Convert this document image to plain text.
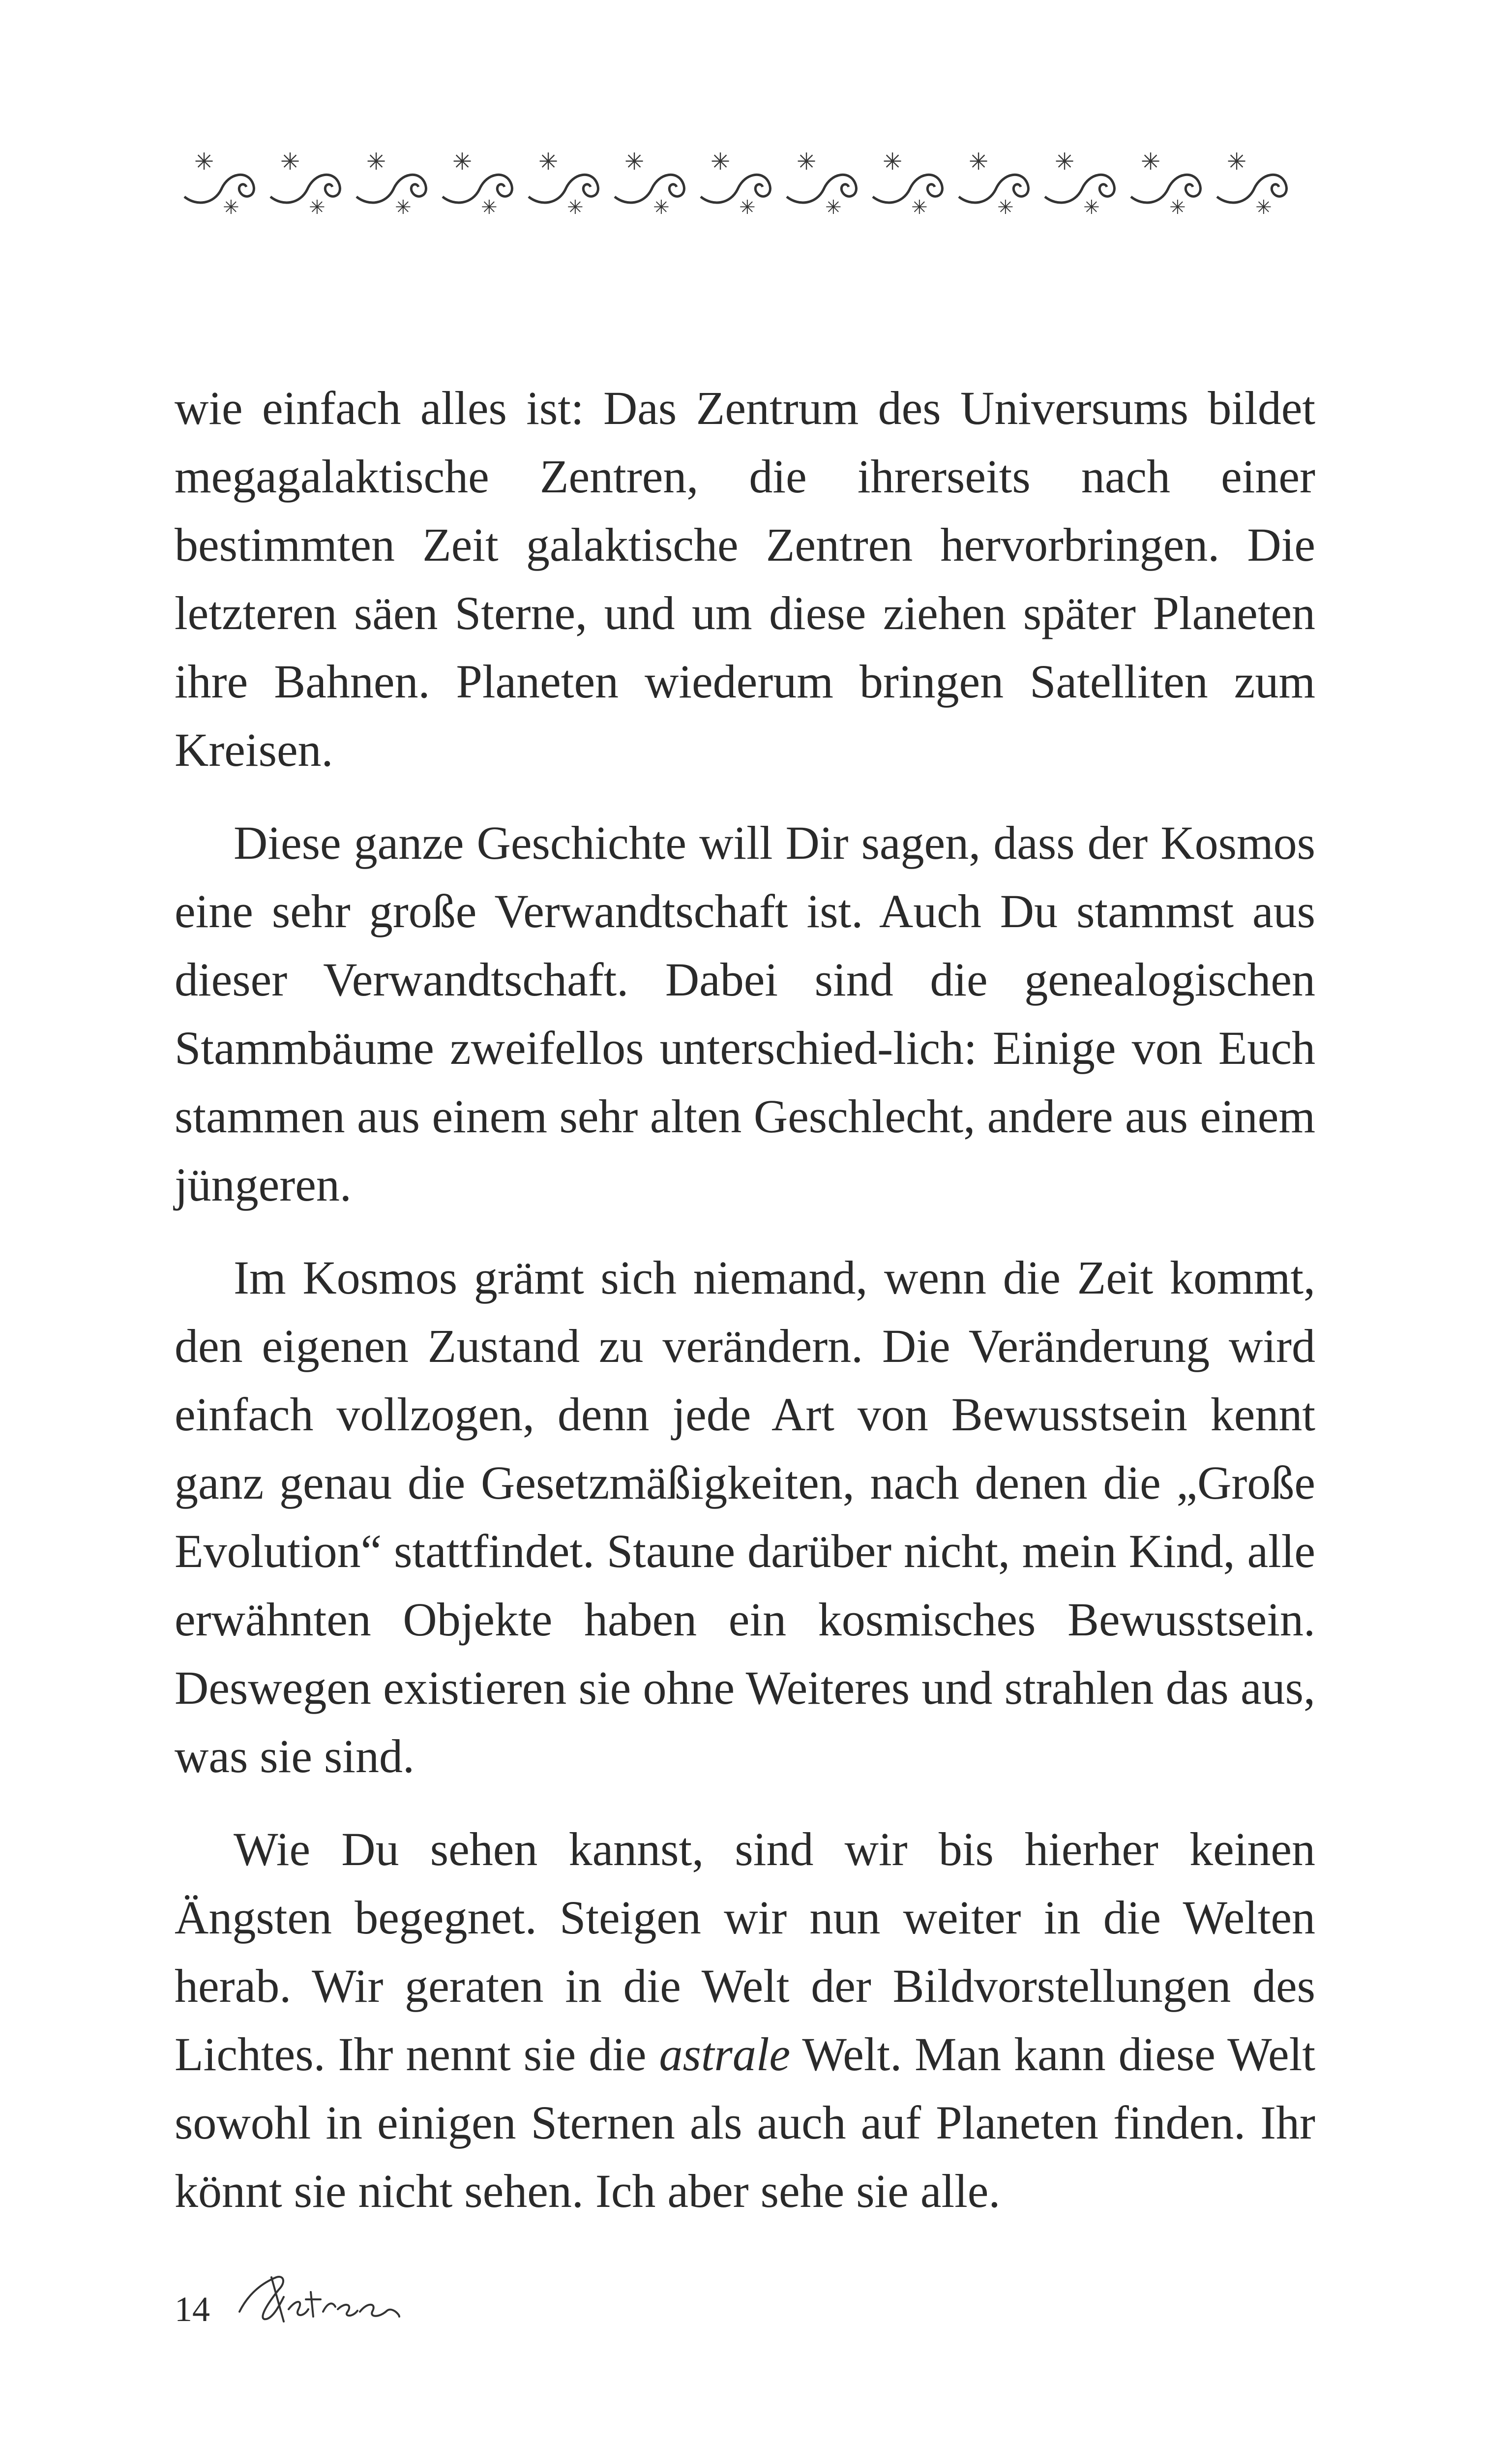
✳
✳
✳
✳
✳
✳
✳
✳
✳
✳
✳
✳
✳
✳
✳
✳
✳
✳
✳
✳
✳
✳
✳
✳
✳
✳

wie einfach alles ist: Das Zentrum des Universums bildet megagalaktische Zentren, die ihrerseits nach einer bestimmten Zeit galaktische Zentren hervorbringen. Die letzteren säen Sterne, und um diese ziehen später Planeten ihre Bahnen. Planeten wiederum bringen Satelliten zum Kreisen.

Diese ganze Geschichte will Dir sagen, dass der Kosmos eine sehr große Verwandtschaft ist. Auch Du stammst aus dieser Verwandtschaft. Dabei sind die genealogischen Stammbäume zweifellos unterschied-lich: Einige von Euch stammen aus einem sehr alten Geschlecht, andere aus einem jüngeren.

Im Kosmos grämt sich niemand, wenn die Zeit kommt, den eigenen Zustand zu verändern. Die Veränderung wird einfach vollzogen, denn jede Art von Bewusstsein kennt ganz genau die Gesetzmäßigkeiten, nach denen die „Große Evolution“ stattfindet. Staune darüber nicht, mein Kind, alle erwähnten Objekte haben ein kosmisches Bewusstsein. Deswegen existieren sie ohne Weiteres und strahlen das aus, was sie sind.

Wie Du sehen kannst, sind wir bis hierher keinen Ängsten begegnet. Steigen wir nun weiter in die Welten herab. Wir geraten in die Welt der Bildvorstellungen des Lichtes. Ihr nennt sie die astrale Welt. Man kann diese Welt sowohl in einigen Sternen als auch auf Planeten finden. Ihr könnt sie nicht sehen. Ich aber sehe sie alle.

14
